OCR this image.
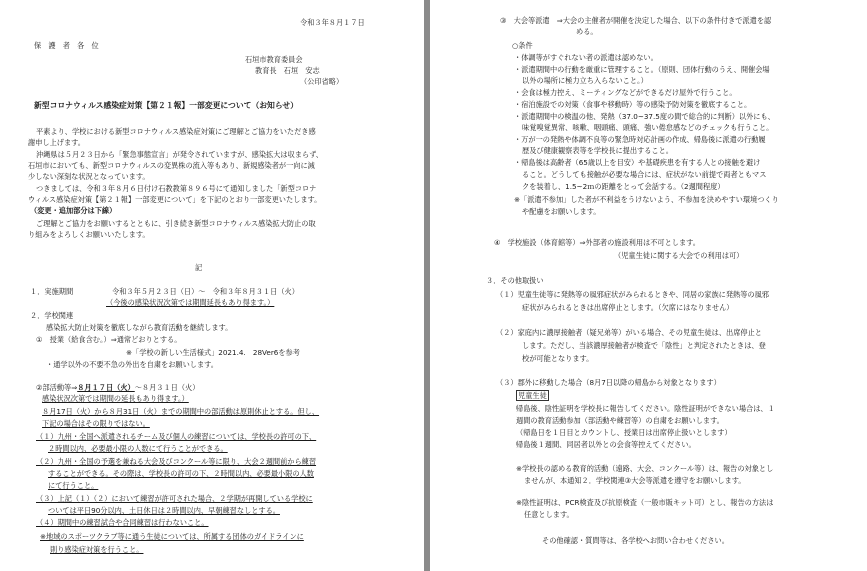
令和３年８月１７日
保　護　者　各　位
石垣市教育委員会
教育長　石垣　安志
（公印省略）
新型コロナウィルス感染症対策【第２１報】一部変更について（お知らせ）
平素より、学校における新型コロナウィルス感染症対策にご理解とご協力をいただき感
謝申し上げます。
沖縄県は５月２３日から「緊急事態宣言」が発令されていますが、感染拡大は収まらず、
石垣市においても、新型コロナウィルスの変異株の流入等もあり、新規感染者が一向に減
少しない深刻な状況となっています。
つきましては、令和３年８月６日付け石教教第８９６号にて通知しました「新型コロナ
ウィルス感染症対策【第２１報】一部変更について」を下記のとおり一部変更いたします。
（変更・追加部分は下線）
ご理解とご協力をお願いするとともに、引き続き新型コロナウィルス感染拡大防止の取
り組みをよろしくお願いいたします。
記
１．実施期間	令和３年５月２３日（日）～　令和３年８月３１日（火）
（今後の感染状況次第では期間延長もあり得ます。）
２．学校関連
感染拡大防止対策を徹底しながら教育活動を継続します。
①　授業（給食含む。）⇒通常どおりとする。
※「学校の新しい生活様式」2021.4.　28Ver6を参考
・通学以外の不要不急の外出を自粛をお願いします。
②部活動等⇒８月１７日（火）～８月３１日（火）
感染状況次第では期間の延長もあり得ます。）
８月17日（火）から８月31日（火）までの期間中の部活動は原則休止とする。但し、
下記の場合はその限りではない。
（１）九州・全国へ派遣されるチーム及び個人の練習については、学校長の許可の下、
２時間以内、必要最小限の人数にて行うことができる。
（２）九州・全国の予選を兼ねる大会及びコンクール等に限り、大会２週間前から練習
することができる。その際は、学校長の許可の下、２時間以内、必要最小限の人数
にて行うこと。
（３）上記（１）（２）において練習が許可された場合、２学期が再開している学校に
ついては平日90分以内、土日休日は２時間以内、早朝練習なしとする。
（４）期間中の練習試合や合同練習は行わないこと。
※地域のスポーツクラブ等に通う生徒については、所属する団体のガイドラインに
則り感染症対策を行うこと。
③　大会等派遣　⇒大会の主催者が開催を決定した場合、以下の条件付きで派遣を認
める。
○条件
・体調等がすぐれない者の派遣は認めない。
・派遣期間中の行動を厳重に管理すること。（原則、団体行動のうえ、開催会場
以外の場所に極力立ち入らないこと。）
・会食は極力控え、ミーティングなどができるだけ屋外で行うこと。
・宿泊施設での対策（食事や移動時）等の感染予防対策を徹底すること。
・派遣期間中の検温の他、発熱（37.0~37.5度の間で総合的に判断）以外にも、
味覚嗅覚異常、咳嗽、咽頭痛、頭痛、強い倦怠感などのチェックも行うこと。
・万が一の発熱や体調不良等の緊急時対応計画の作成、帰島後に派遣の行動履
歴及び健康観察表等を学校長に提出すること。
・帰島後は高齢者（65歳以上を目安）や基礎疾患を有する人との接触を避け
ること。どうしても接触が必要な場合には、症状がない前提で両者ともマス
クを装着し、1.5~2ｍの距離をとって会話する。（2週間程度）
※「派遣不参加」した者が不利益をうけないよう、不参加を決めやすい環境つくり
や配慮をお願いします。
④　学校施設（体育館等）⇒外部者の施設利用は不可とします。
（児童生徒に関する大会での利用は可）
３．その他取扱い
（１）児童生徒等に発熱等の風邪症状がみられるときや、同居の家族に発熱等の風邪
症状がみられるときは出席停止とします。（欠席にはなりません）
（２）家庭内に濃厚接触者（疑兄弟等）がいる場合、その児童生徒は、出席停止と
します。ただし、当該濃厚接触者が検査で「陰性」と判定されたときは、登
校が可能となります。
（３）郡外に移動した場合（8月7日以降の帰島から対象となります）
児童生徒
帰島後、陰性証明を学校長に報告してください。陰性証明ができない場合は、１
週間の教育活動参加（部活動や練習等）の自粛をお願いします。
（帰島日を１日目とカウントし、授業日は出席停止扱いとします）
帰島後１週間、同居者以外との会食等控えてください。
※学校長の認める教育的活動（遠路、大会、コンクール等）は、報告の対象とし
ませんが、本通知２．学校関連③大会等派遣を遵守をお願いします。
※陰性証明は、PCR検査及び抗原検査（一般市販キット可）とし、報告の方法は
任意とします。
その他確認・質問等は、各学校へお問い合わせください。
